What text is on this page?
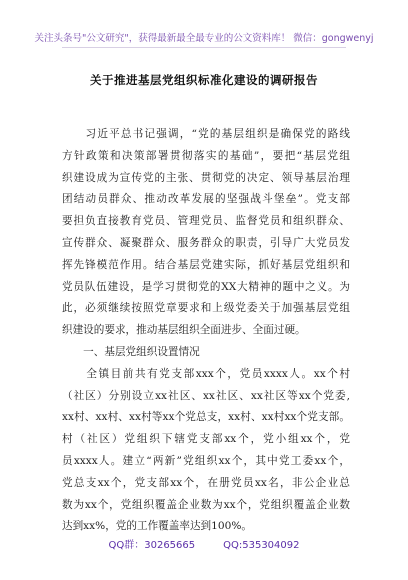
关注头条号"公文研究"，获得最新最全最专业的公文资料库！ 微信：gongwenyj
关于推进基层党组织标准化建设的调研报告
　　习近平总书记强调，“党的基层组织是确保党的路线
方针政策和决策部署贯彻落实的基础”，要把“基层党组
织建设成为宣传党的主张、贯彻党的决定、领导基层治理
团结动员群众、推动改革发展的坚强战斗堡垒”。党支部
要担负直接教育党员、管理党员、监督党员和组织群众、
宣传群众、凝聚群众、服务群众的职责，引导广大党员发
挥先锋模范作用。结合基层党建实际，抓好基层党组织和
党员队伍建设，是学习贯彻党的XX大精神的题中之义。为
此，必须继续按照党章要求和上级党委关于加强基层党组
织建设的要求，推动基层组织全面进步、全面过硬。
　　一、基层党组织设置情况
　　全镇目前共有党支部xxx个，党员xxxx人。xx个村
（社区）分别设立xx社区、xx社区、xx社区等xx个党委,
xx村、xx村、xx村等xx个党总支，xx村、xx村xx个党支部。
村（社区）党组织下辖党支部xx个，党小组xx个，党
员xxxx人。建立“两新”党组织xx个，其中党工委xx个，
党总支xx个，党支部xx个，在册党员xx名，非公企业总
数为xx个，党组织覆盖企业数为xx个，党组织覆盖企业数
达到xx%，党的工作覆盖率达到100%。
QQ群：30265665	QQ:535304092
